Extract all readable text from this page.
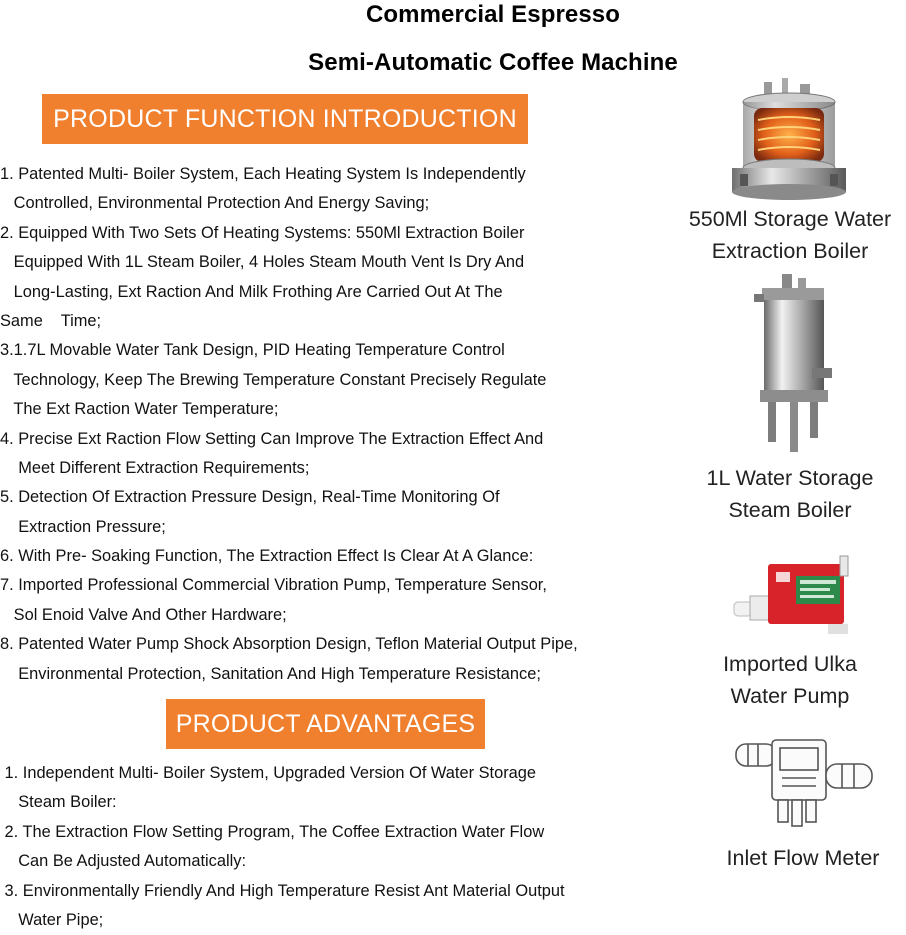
Commercial Espresso
Semi-Automatic Coffee Machine
PRODUCT FUNCTION INTRODUCTION
1. Patented Multi- Boiler System, Each Heating System Is Independently
Controlled, Environmental Protection And Energy Saving;
2. Equipped With Two Sets Of Heating Systems: 550Ml Extraction Boiler
Equipped With 1L Steam Boiler, 4 Holes Steam Mouth Vent Is Dry And
Long-Lasting, Ext Raction And Milk Frothing Are Carried Out At The
Same    Time;
3.1.7L Movable Water Tank Design, PID Heating Temperature Control
Technology, Keep The Brewing Temperature Constant Precisely Regulate
The Ext Raction Water Temperature;
4. Precise Ext Raction Flow Setting Can Improve The Extraction Effect And
Meet Different Extraction Requirements;
5. Detection Of Extraction Pressure Design, Real-Time Monitoring Of
Extraction Pressure;
6. With Pre- Soaking Function, The Extraction Effect Is Clear At A Glance:
7. Imported Professional Commercial Vibration Pump, Temperature Sensor,
Sol Enoid Valve And Other Hardware;
8. Patented Water Pump Shock Absorption Design, Teflon Material Output Pipe,
Environmental Protection, Sanitation And High Temperature Resistance;
PRODUCT ADVANTAGES
1. Independent Multi- Boiler System, Upgraded Version Of Water Storage
Steam Boiler:
2. The Extraction Flow Setting Program, The Coffee Extraction Water Flow
Can Be Adjusted Automatically:
3. Environmentally Friendly And High Temperature Resist Ant Material Output
Water Pipe;
550Ml Storage Water
Extraction Boiler
1L Water Storage
Steam Boiler
Imported Ulka
Water Pump
Inlet Flow Meter
